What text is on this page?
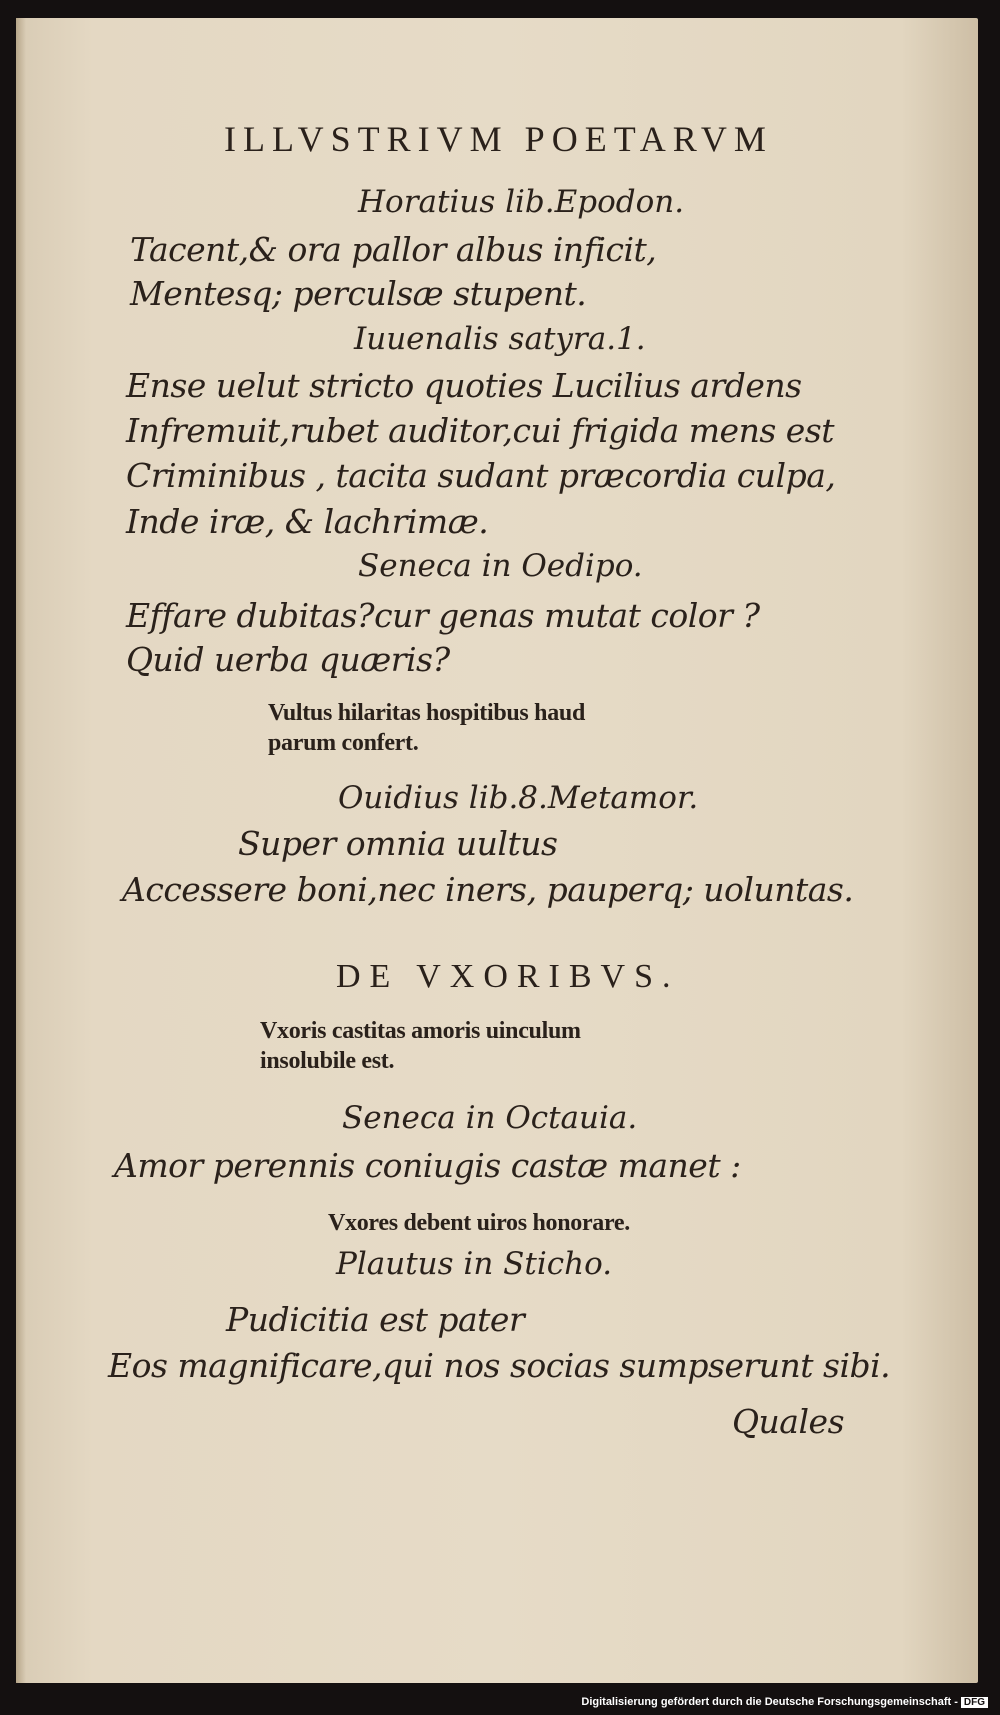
ILLVSTRIVM POETARVM
Horatius lib.Epodon.
Tacent,& ora pallor albus inficit,
Mentesq; perculsæ stupent.
Iuuenalis satyra.1.
Ense uelut stricto quoties Lucilius ardens
Infremuit,rubet auditor,cui frigida mens est
Criminibus , tacita sudant præcordia culpa,
Inde iræ, & lachrimæ.
Seneca in Oedipo.
Effare dubitas?cur genas mutat color ?
Quid uerba quæris?
Vultus hilaritas hospitibus haud
parum confert.
Ouidius lib.8.Metamor.
Super omnia uultus
Accessere boni,nec iners, pauperq; uoluntas.
DE VXORIBVS.
Vxoris castitas amoris uinculum
insolubile est.
Seneca in Octauia.
Amor perennis coniugis castæ manet :
Vxores debent uiros honorare.
Plautus in Sticho.
Pudicitia est pater
Eos magnificare,qui nos socias sumpserunt sibi.
Quales
Digitalisierung gefördert durch die Deutsche Forschungsgemeinschaft - DFG
